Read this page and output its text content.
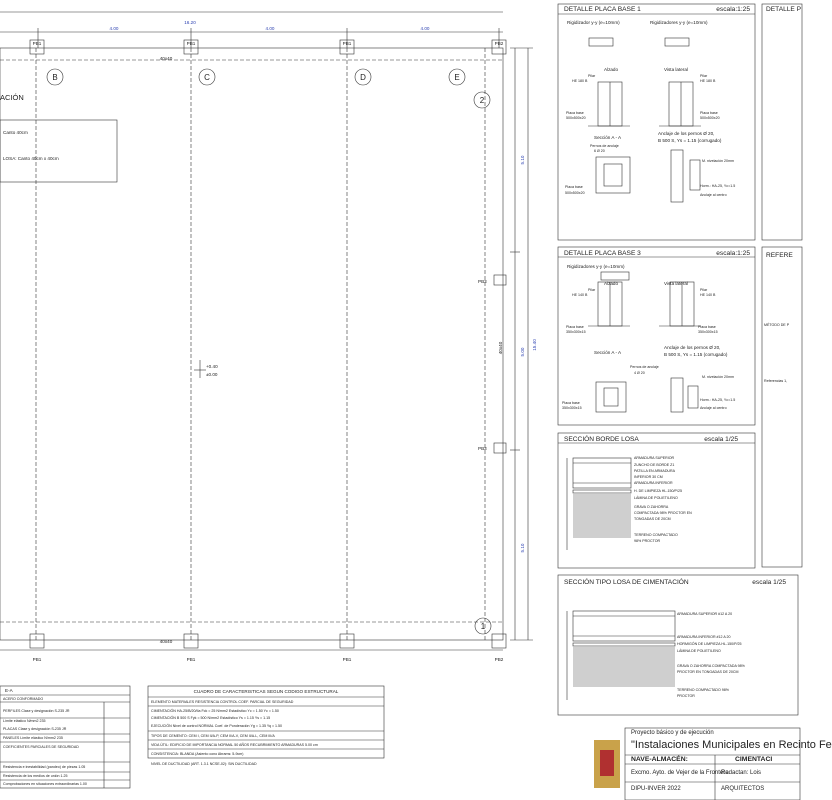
16.20
4.00	4.00	4.00
PB1	PB1	PB1	PB2
PB1	PB1	PB1	PB2
PB3
PB3
40x40
40x40
B	C	D	E
2
1
ACIÓN
Canto 40cm
LOSA: Canto 40cm x 40cm
+0.40
±0.00
5.10
5.00
5.10
15.40
40x40
E-A
ACERO CONFORMADO
PERFILES Clase y designación S-235 JR
Límite elástico N/mm2 235
PLACAS Clase y designación S-235 JR
PANELES Límite elástico N/mm2 235
COEFICIENTES PARCIALES DE SEGURIDAD
Resistencia e inestabilidad (pandeo) de piezas 1.05
Resistencia de los medios de unión 1.25
Comprobaciones en situaciones extraordinarias 1.00
CUADRO DE CARACTERISTICAS SEGUN CODIGO ESTRUCTURAL
ELEMENTO MATERIALES RESISTENCIA CONTROL COEF. PARCIAL DE SEGURIDAD
CIMENTACIÓN HA-25/B/20/IIa Fck = 25 N/mm2 Estadístico Yc = 1.50 Yc = 1.50
CIMENTACIÓN B 500 S Fyk = 500 N/mm2 Estadístico Ys = 1.15 Ys = 1.15
EJECUCIÓN Nivel de control NORMAL Coef. de Ponderación Yg = 1.35 Yq = 1.50
TIPOS DE CEMENTO: CEM I, CEM II/A-P, CEM II/A-V, CEM II/A-L, CEM III/A
VIDA ÚTIL: EDIFICIO DE IMPORTANCIA NORMAL 50 AÑOS RECUBRIMIENTO ARMADURAS 5.00 cm
CONSISTENCIA: BLANDA (Asiento cono Abrams: 5-9cm)
NIVEL DE DUCTILIDAD (ART. 1.3.1 NCSE-02): SIN DUCTILIDAD
DETALLE PLACA BASE 1	escala:1:25
Rigidizador y-y (e=10mm)	Rigidizadores y-y (e=10mm)
Alzado	Vista lateral
Pilar
HE 180 B
Pilar
HE 180 B
Placa base
500x500x20
Placa base
500x500x20
Sección A - A
Anclaje de los pernos Ø 20,
B 500 S, Ys = 1.15 (corrugado)
Pernos de anclaje
6 Ø 20
M. nivelación 20mm
Horm.: HA-25, Yc=1.5
Anclaje al centro
Placa base
500x500x20
DETALLE P
REFERE
MÉTODO DE P
Referencias 1,
DETALLE PLACA BASE 3	escala:1:25
Rigidizadores y-y (e=10mm)
Alzado	Vista lateral
Pilar
HE 140 B
Pilar
HE 140 B
Placa base
350x300x15
Placa base
350x300x15
Sección A - A
Anclaje de los pernos Ø 20,
B 500 S, Ys = 1.15 (corrugado)
Pernos de anclaje
4 Ø 20
M. nivelación 20mm
Horm.: HA-25, Yc=1.5
Anclaje al centro
Placa base
350x300x15
SECCIÓN BORDE LOSA	escala 1/25
ARMADURA SUPERIOR
ZUNCHO DE BORDE Z1
PATILLA EN ARMADURA
INFERIOR 30 CM
ARMADURA INFERIOR
H. DE LIMPIEZA HL-150/P/25
LÁMINA DE POLIETILENO
GRAVA O ZAHORRA
COMPACTADA 98% PROCTOR EN
TONGADAS DE 20CM
TERRENO COMPACTADO
98% PROCTOR
SECCIÓN TIPO LOSA DE CIMENTACIÓN	escala 1/25
ARMADURA SUPERIOR #12 A 20
ARMADURA INFERIOR #12 A 20
HORMIGÓN DE LIMPIEZA HL-150/P/25
LÁMINA DE POLIETILENO
GRAVA O ZAHORRA COMPACTADA 98%
PROCTOR EN TONGADAS DE 20CM
TERRENO COMPACTADO 98%
PROCTOR
Proyecto básico y de ejecución
"Instalaciones Municipales en Recinto Fe
NAVE-ALMACÉN:	CIMENTACI
Excmo. Ayto. de Vejer de la Frontera
Redactan: Lois
DIPU-INVER 2022	ARQUITECTOS
